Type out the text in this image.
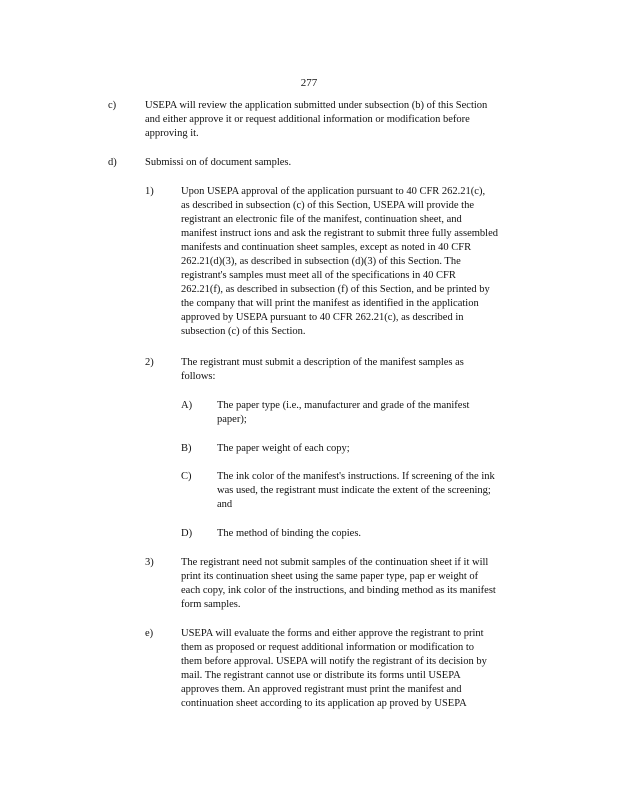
277

c)	USEPA will review the application submitted under subsection (b) of this Section
and either approve it or request additional information or modification before
approving it.

d)	Submissi on of document samples.

1)	Upon USEPA approval of the application pursuant to 40 CFR 262.21(c),
as described in subsection (c) of this Section, USEPA will provide the
registrant an electronic file of the manifest, continuation sheet, and
manifest instruct ions and ask the registrant to submit three fully assembled
manifests and continuation sheet samples, except as noted in 40 CFR
262.21(d)(3), as described in subsection (d)(3) of this Section. The
registrant's samples must meet all of the specifications in 40 CFR
262.21(f), as described in subsection (f) of this Section, and be printed by
the company that will print the manifest as identified in the application
approved by USEPA pursuant to 40 CFR 262.21(c), as described in
subsection (c) of this Section.

2)	The registrant must submit a description of the manifest samples as
follows:

A) The paper type (i.e., manufacturer and grade of the manifest
paper);

B) The paper weight of each copy;

C) The ink color of the manifest's instructions. If screening of the ink
was used, the registrant must indicate the extent of the screening;
and

D) The method of binding the copies.

3)	The registrant need not submit samples of the continuation sheet if it will
print its continuation sheet using the same paper type, pap er weight of
each copy, ink color of the instructions, and binding method as its manifest
form samples.

e)	USEPA will evaluate the forms and either approve the registrant to print
them as proposed or request additional information or modification to
them before approval. USEPA will notify the registrant of its decision by
mail. The registrant cannot use or distribute its forms until USEPA
approves them. An approved registrant must print the manifest and
continuation sheet according to its application ap proved by USEPA
